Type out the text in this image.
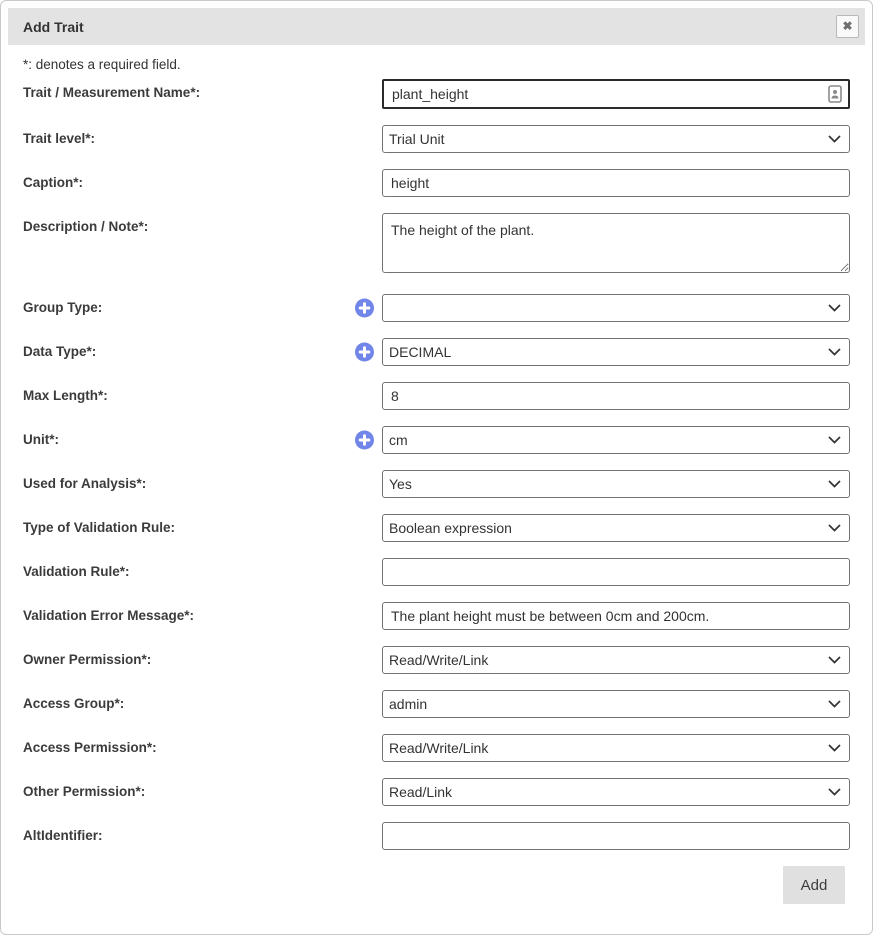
Add Trait	✖
*: denotes a required field.
Trait / Measurement Name*:
plant_height
Trait level*:
Trial Unit
Caption*:
height
Description / Note*:
The height of the plant.
Group Type:
Data Type*:
DECIMAL
Max Length*:
8
Unit*:
cm
Used for Analysis*:
Yes
Type of Validation Rule:
Boolean expression
Validation Rule*:
Validation Error Message*:
The plant height must be between 0cm and 200cm.
Owner Permission*:
Read/Write/Link
Access Group*:
admin
Access Permission*:
Read/Write/Link
Other Permission*:
Read/Link
AltIdentifier:
Add
